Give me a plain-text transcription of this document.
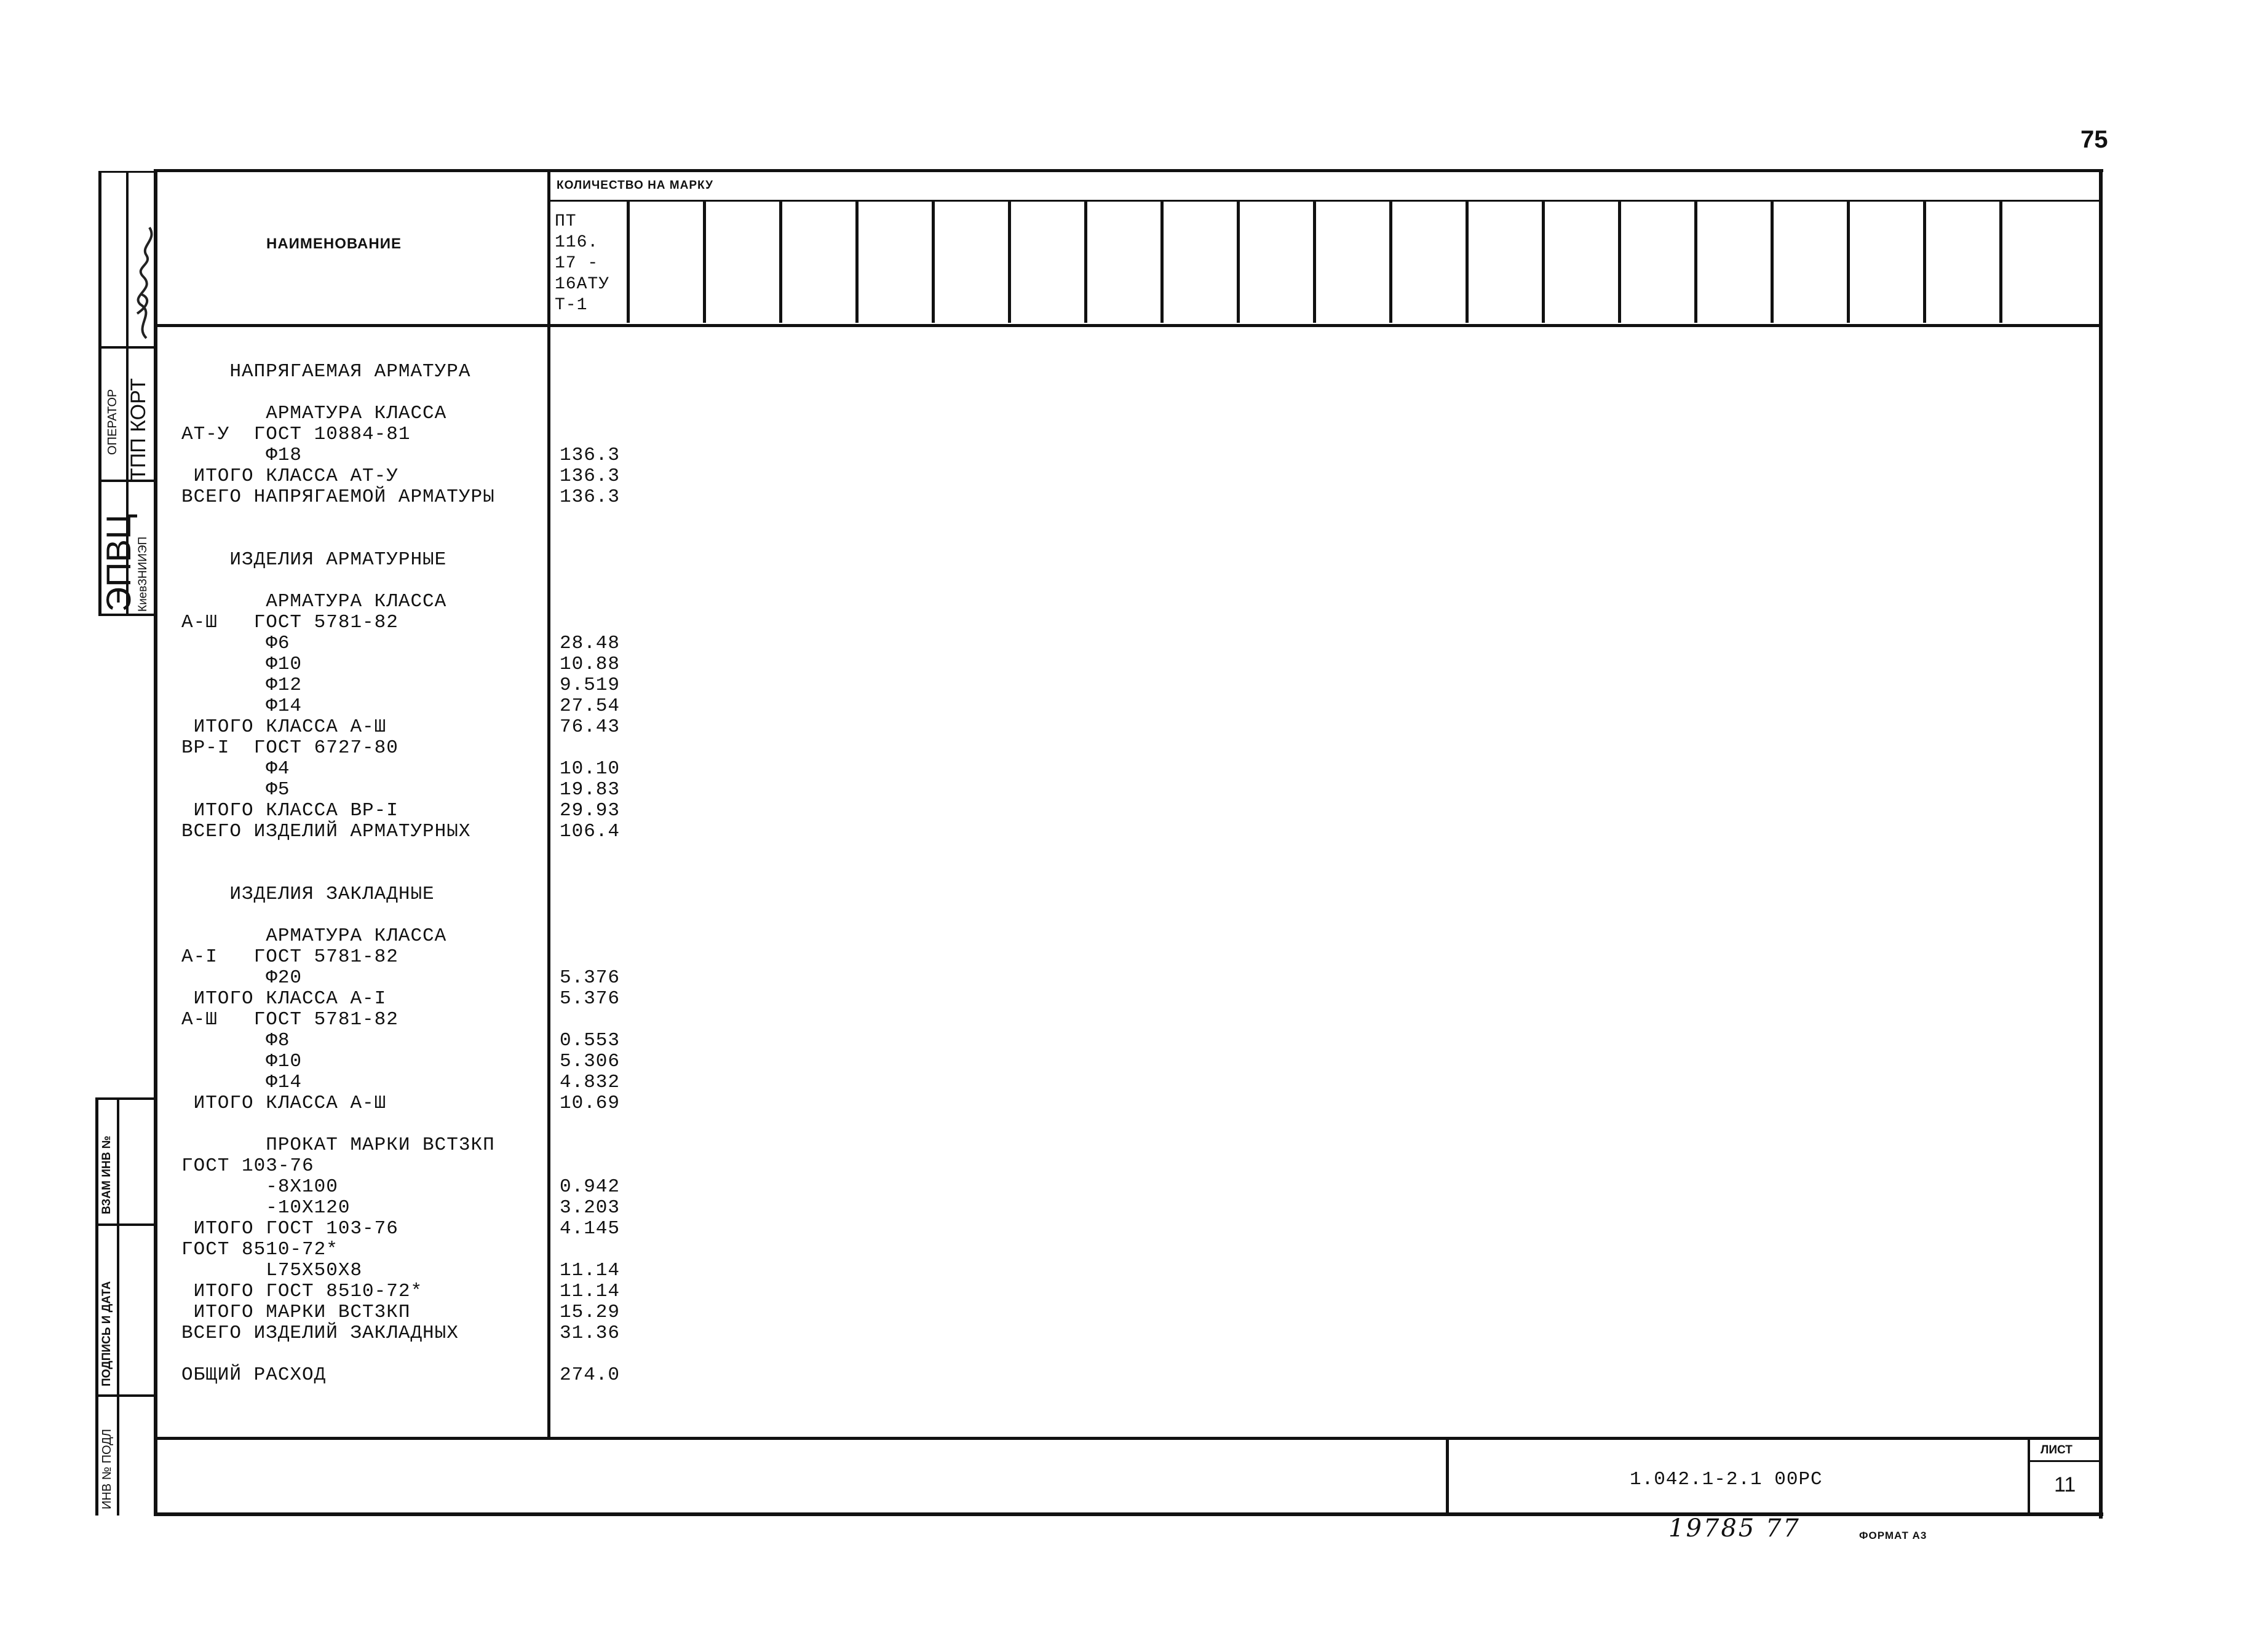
75
НАИМЕНОВАНИЕ
КОЛИЧЕСТВО НА МАРКУ
ПТ
116.
17 -
16АТУ
Т-1
НАПРЯГАЕМАЯ АРМАТУРА
АРМАТУРА КЛАССА
АТ-У  ГОСТ 10884-81
Ф18	136.3
ИТОГО КЛАССА АТ-У	136.3
ВСЕГО НАПРЯГАЕМОЙ АРМАТУРЫ	136.3
ИЗДЕЛИЯ АРМАТУРНЫЕ
АРМАТУРА КЛАССА
А-Ш   ГОСТ 5781-82
Ф6	28.48
Ф10	10.88
Ф12	9.519
Ф14	27.54
ИТОГО КЛАССА А-Ш	76.43
ВР-I  ГОСТ 6727-80
Ф4	10.10
Ф5	19.83
ИТОГО КЛАССА ВР-I	29.93
ВСЕГО ИЗДЕЛИЙ АРМАТУРНЫХ	106.4
ИЗДЕЛИЯ ЗАКЛАДНЫЕ
АРМАТУРА КЛАССА
А-I   ГОСТ 5781-82
Ф20	5.376
ИТОГО КЛАССА А-I	5.376
А-Ш   ГОСТ 5781-82
Ф8	0.553
Ф10	5.306
Ф14	4.832
ИТОГО КЛАССА А-Ш	10.69
ПРОКАТ МАРКИ ВСТ3КП
ГОСТ 103-76
-8Х100	0.942
-10Х120	3.203
ИТОГО ГОСТ 103-76	4.145
ГОСТ 8510-72*
L75Х50Х8	11.14
ИТОГО ГОСТ 8510-72*	11.14
ИТОГО МАРКИ ВСТ3КП	15.29
ВСЕГО ИЗДЕЛИЙ ЗАКЛАДНЫХ	31.36
ОБЩИЙ РАСХОД	274.0
1.042.1-2.1 00РС
ЛИСТ
11
19785 77	ФОРМАТ А3
ОПЕРАТОР ТПП КОРТ
ЭПВЦ
КиевЗНИИЭП
ВЗАМ ИНВ №
ПОДПИСЬ И ДАТА
ИНВ № ПОДЛ
